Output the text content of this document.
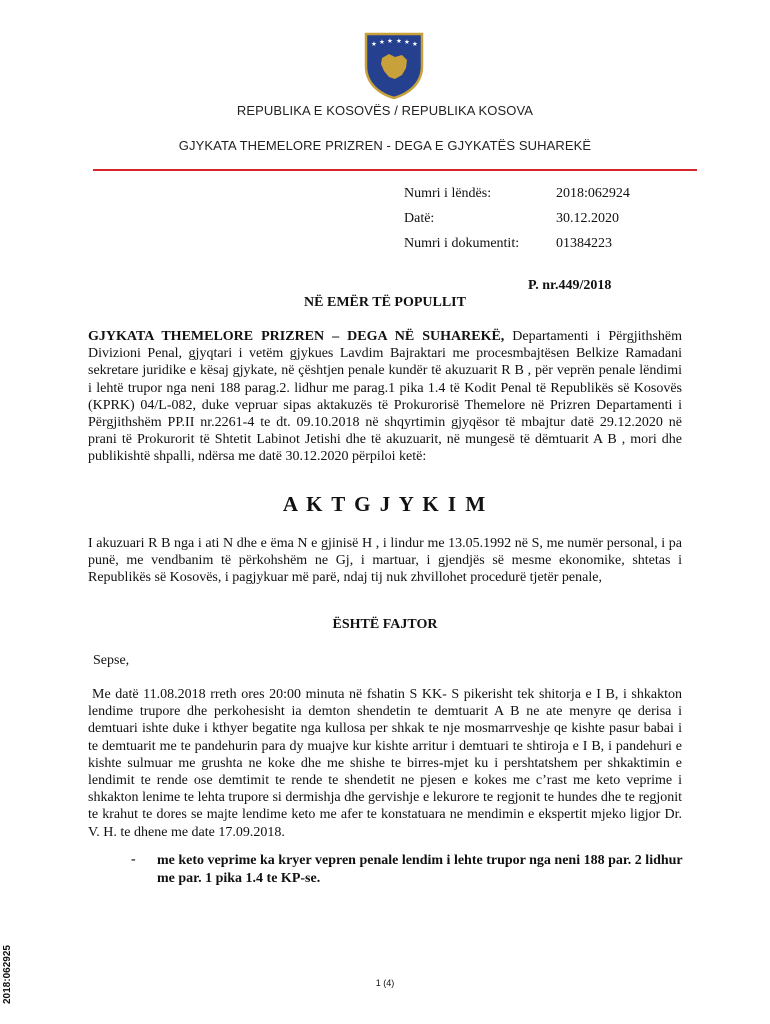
★ ★ ★ ★ ★ ★
REPUBLIKA E KOSOVËS / REPUBLIKA KOSOVA
GJYKATA THEMELORE PRIZREN - DEGA E GJYKATËS SUHAREKË
Numri i lëndës:	2018:062924
Datë:	30.12.2020
Numri i dokumentit:	01384223
P. nr.449/2018
NË EMËR TË POPULLIT
GJYKATA THEMELORE PRIZREN – DEGA NË SUHAREKË, Departamenti i Përgjithshëm Divizioni Penal, gjyqtari i vetëm gjykues Lavdim Bajraktari me procesmbajtësen Belkize Ramadani sekretare juridike e kësaj gjykate, në çështjen penale kundër të akuzuarit R B , për veprën penale lëndimi i lehtë trupor nga neni 188 parag.2. lidhur me parag.1 pika 1.4 të Kodit Penal të Republikës së Kosovës (KPRK) 04/L-082, duke vepruar sipas aktakuzës të Prokurorisë Themelore në Prizren Departamenti i Përgjithshëm PP.II nr.2261-4 te dt. 09.10.2018 në shqyrtimin gjyqësor të mbajtur datë 29.12.2020 në prani të Prokurorit të Shtetit Labinot Jetishi dhe të akuzuarit, në mungesë të dëmtuarit A B , mori dhe publikishtë shpalli, ndërsa me datë 30.12.2020 përpiloi ketë:
A K T G J Y K I M
I akuzuari R B nga i ati N dhe e ëma N e gjinisë H , i lindur me 13.05.1992 në S, me numër personal, i pa punë, me vendbanim të përkohshëm ne Gj, i martuar, i gjendjës së mesme ekonomike, shtetas i Republikës së Kosovës, i pagjykuar më parë, ndaj tij nuk zhvillohet procedurë tjetër penale,
ËSHTË FAJTOR
Sepse,
Me datë 11.08.2018 rreth ores 20:00 minuta në fshatin S KK- S pikerisht tek shitorja e I B, i shkakton lendime trupore dhe perkohesisht ia demton shendetin te demtuarit A B ne ate menyre qe derisa i demtuari ishte duke i kthyer begatite nga kullosa per shkak te nje mosmarrveshje qe kishte pasur babai i te demtuarit me te pandehurin para dy muajve kur kishte arritur i demtuari te shtiroja e I B, i pandehuri e kishte sulmuar me grushta ne koke dhe me shishe te birres-mjet ku i pershtatshem per shkaktimin e lendimit te rende ose demtimit te rende te shendetit ne pjesen e kokes me c’rast me keto veprime i shkakton lenime te lehta trupore si dermishja dhe gervishje e lekurore te regjonit te hundes dhe te regjonit te krahut te dores se majte lendime keto me afer te konstatuara ne mendimin e ekspertit mjeko ligjor Dr. V. H. te dhene me date 17.09.2018.
- me keto veprime ka kryer vepren penale lendim i lehte trupor nga neni 188 par. 2 lidhur me par. 1 pika 1.4 te KP-se.
2018:062925	1 (4)
